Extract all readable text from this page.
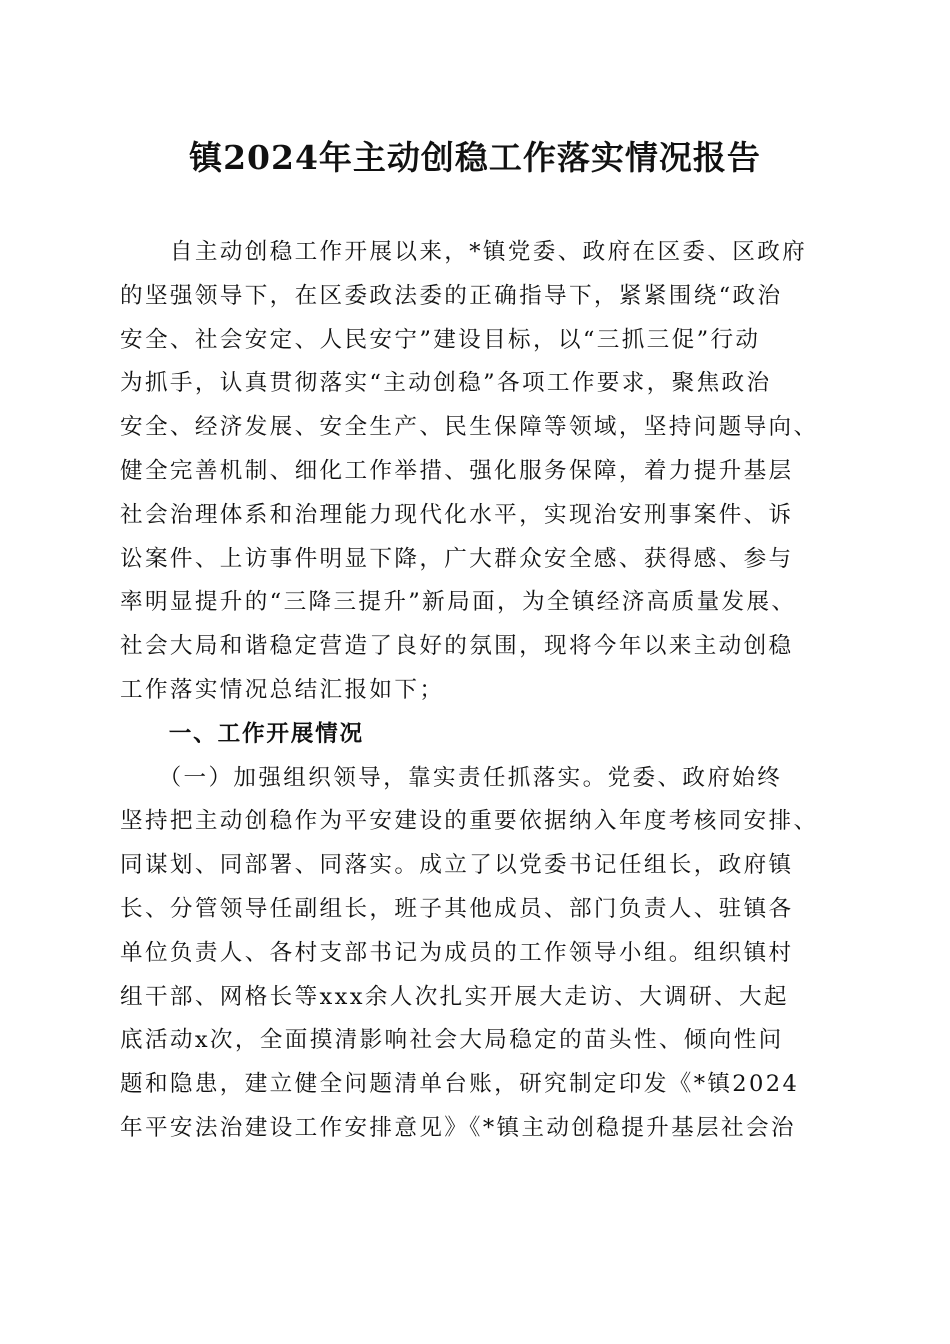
镇2024年主动创稳工作落实情况报告
　　自主动创稳工作开展以来，*镇党委、政府在区委、区政府
的坚强领导下，在区委政法委的正确指导下，紧紧围绕“政治
安全、社会安定、人民安宁”建设目标，以“三抓三促”行动
为抓手，认真贯彻落实“主动创稳”各项工作要求，聚焦政治
安全、经济发展、安全生产、民生保障等领域，坚持问题导向、
健全完善机制、细化工作举措、强化服务保障，着力提升基层
社会治理体系和治理能力现代化水平，实现治安刑事案件、诉
讼案件、上访事件明显下降，广大群众安全感、获得感、参与
率明显提升的“三降三提升”新局面，为全镇经济高质量发展、
社会大局和谐稳定营造了良好的氛围，现将今年以来主动创稳
工作落实情况总结汇报如下；
　　一、工作开展情况
　　（一）加强组织领导，靠实责任抓落实。党委、政府始终
坚持把主动创稳作为平安建设的重要依据纳入年度考核同安排、
同谋划、同部署、同落实。成立了以党委书记任组长，政府镇
长、分管领导任副组长，班子其他成员、部门负责人、驻镇各
单位负责人、各村支部书记为成员的工作领导小组。组织镇村
组干部、网格长等xxx余人次扎实开展大走访、大调研、大起
底活动x次，全面摸清影响社会大局稳定的苗头性、倾向性问
题和隐患，建立健全问题清单台账，研究制定印发《*镇2024
年平安法治建设工作安排意见》《*镇主动创稳提升基层社会治
